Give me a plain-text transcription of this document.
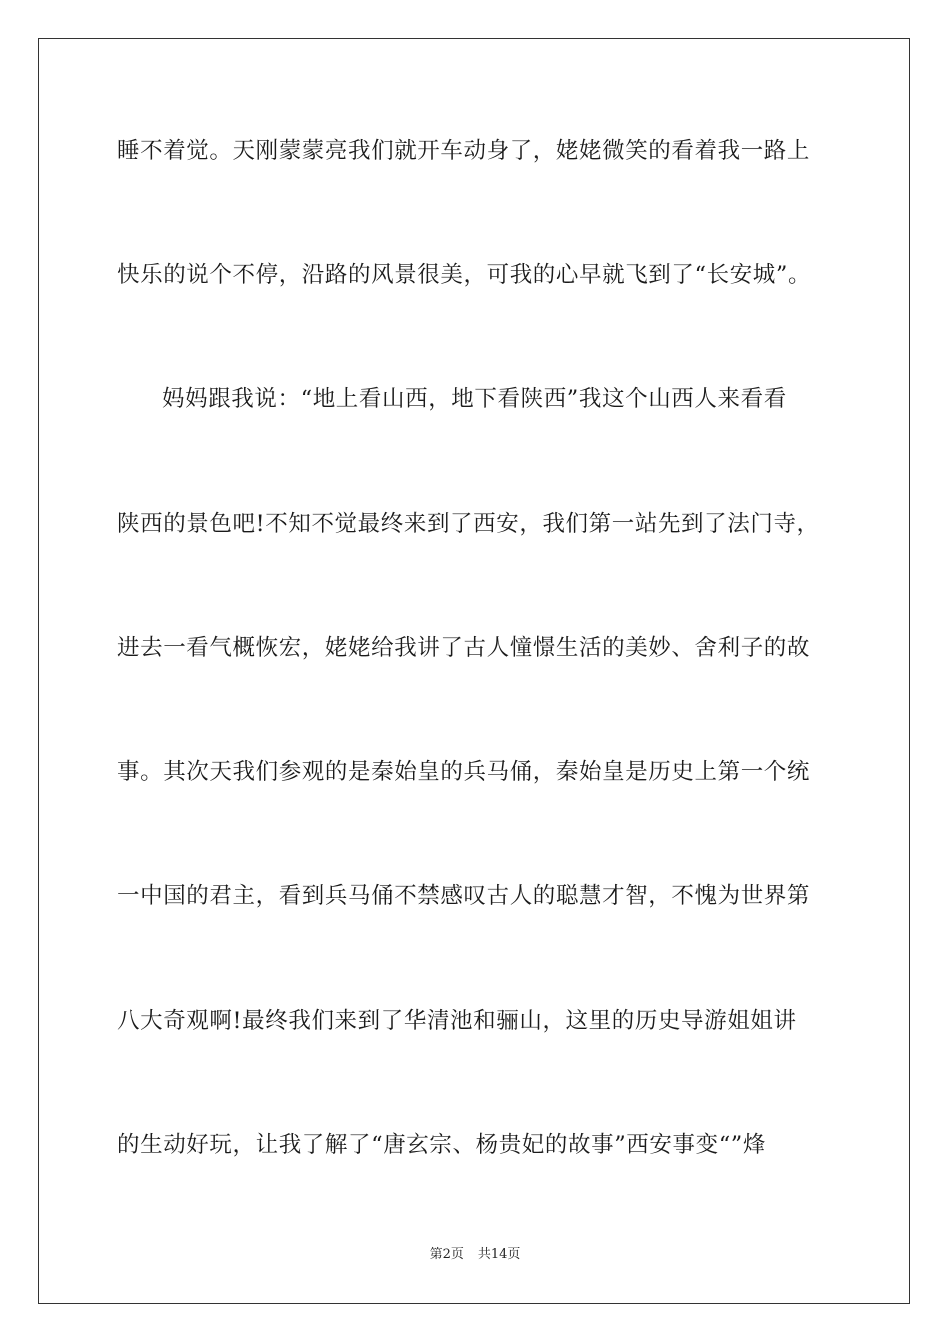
睡不着觉。天刚蒙蒙亮我们就开车动身了，姥姥微笑的看着我一路上
快乐的说个不停，沿路的风景很美，可我的心早就飞到了“长安城”。
妈妈跟我说：“地上看山西，地下看陕西”我这个山西人来看看
陕西的景色吧!不知不觉最终来到了西安，我们第一站先到了法门寺，
进去一看气概恢宏，姥姥给我讲了古人憧憬生活的美妙、舍利子的故
事。其次天我们参观的是秦始皇的兵马俑，秦始皇是历史上第一个统
一中国的君主，看到兵马俑不禁感叹古人的聪慧才智，不愧为世界第
八大奇观啊!最终我们来到了华清池和骊山，这里的历史导游姐姐讲
的生动好玩，让我了解了“唐玄宗、杨贵妃的故事”西安事变“”烽
第2页 共14页
